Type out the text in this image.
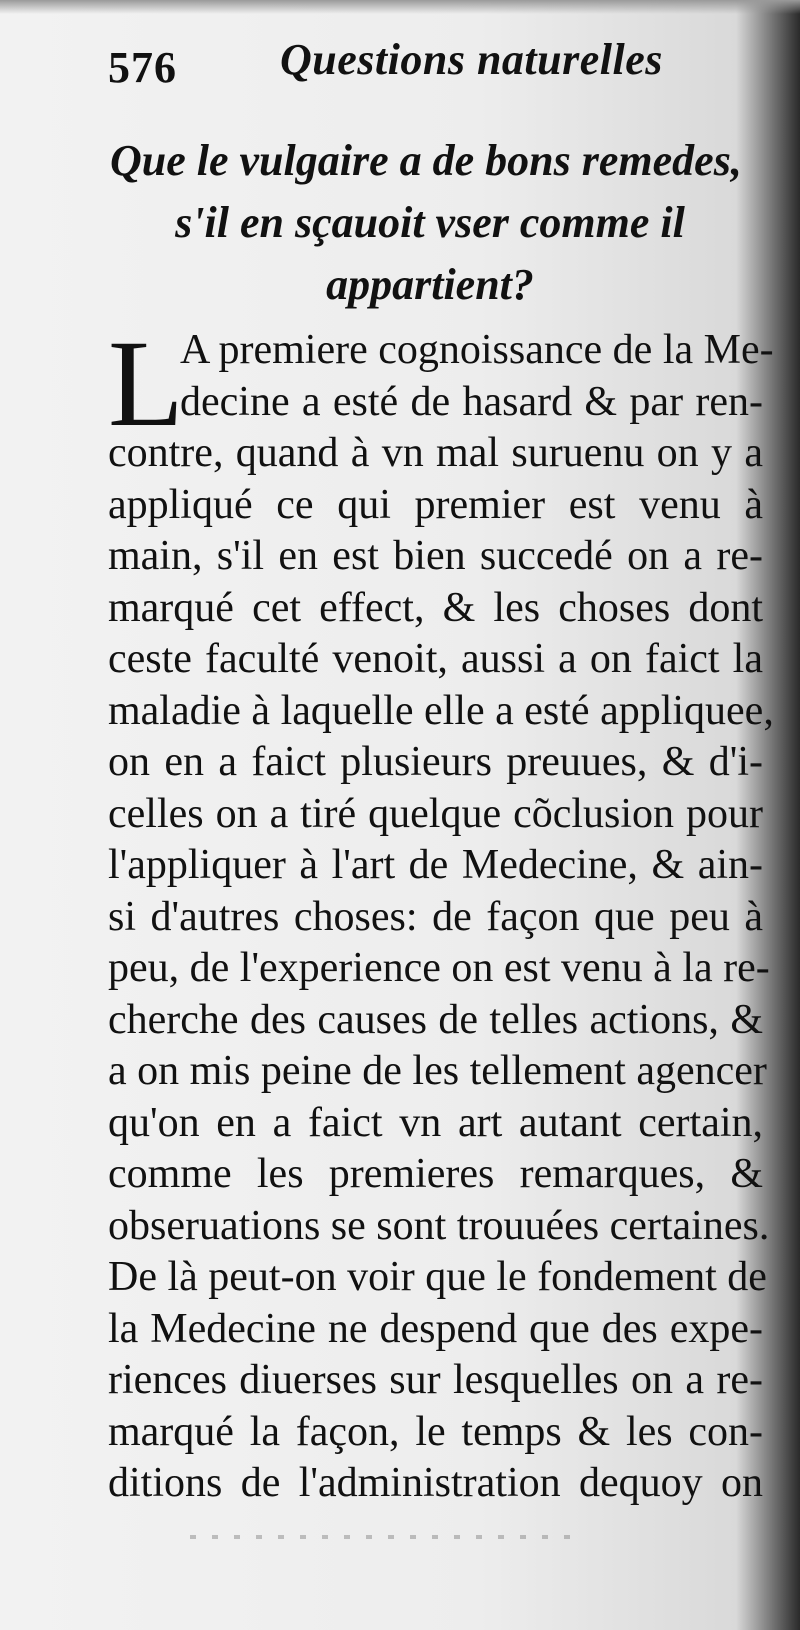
576 Questions naturelles
Que le vulgaire a de bons remedes,
s'il en sçauoit vser comme il
appartient?
L
A premiere cognoissance de la Me-
decine a esté de hasard & par ren-
contre, quand à vn mal suruenu on y a
appliqué ce qui premier est venu à
main, s'il en est bien succedé on a re-
marqué cet effect, & les choses dont
ceste faculté venoit, aussi a on faict la
maladie à laquelle elle a esté appliquee,
on en a faict plusieurs preuues, & d'i-
celles on a tiré quelque cõclusion pour
l'appliquer à l'art de Medecine, & ain-
si d'autres choses: de façon que peu à
peu, de l'experience on est venu à la re-
cherche des causes de telles actions, &
a on mis peine de les tellement agencer
qu'on en a faict vn art autant certain,
comme les premieres remarques, &
obseruations se sont trouuées certaines.
De là peut-on voir que le fondement de
la Medecine ne despend que des expe-
riences diuerses sur lesquelles on a re-
marqué la façon, le temps & les con-
ditions de l'administration dequoy on
